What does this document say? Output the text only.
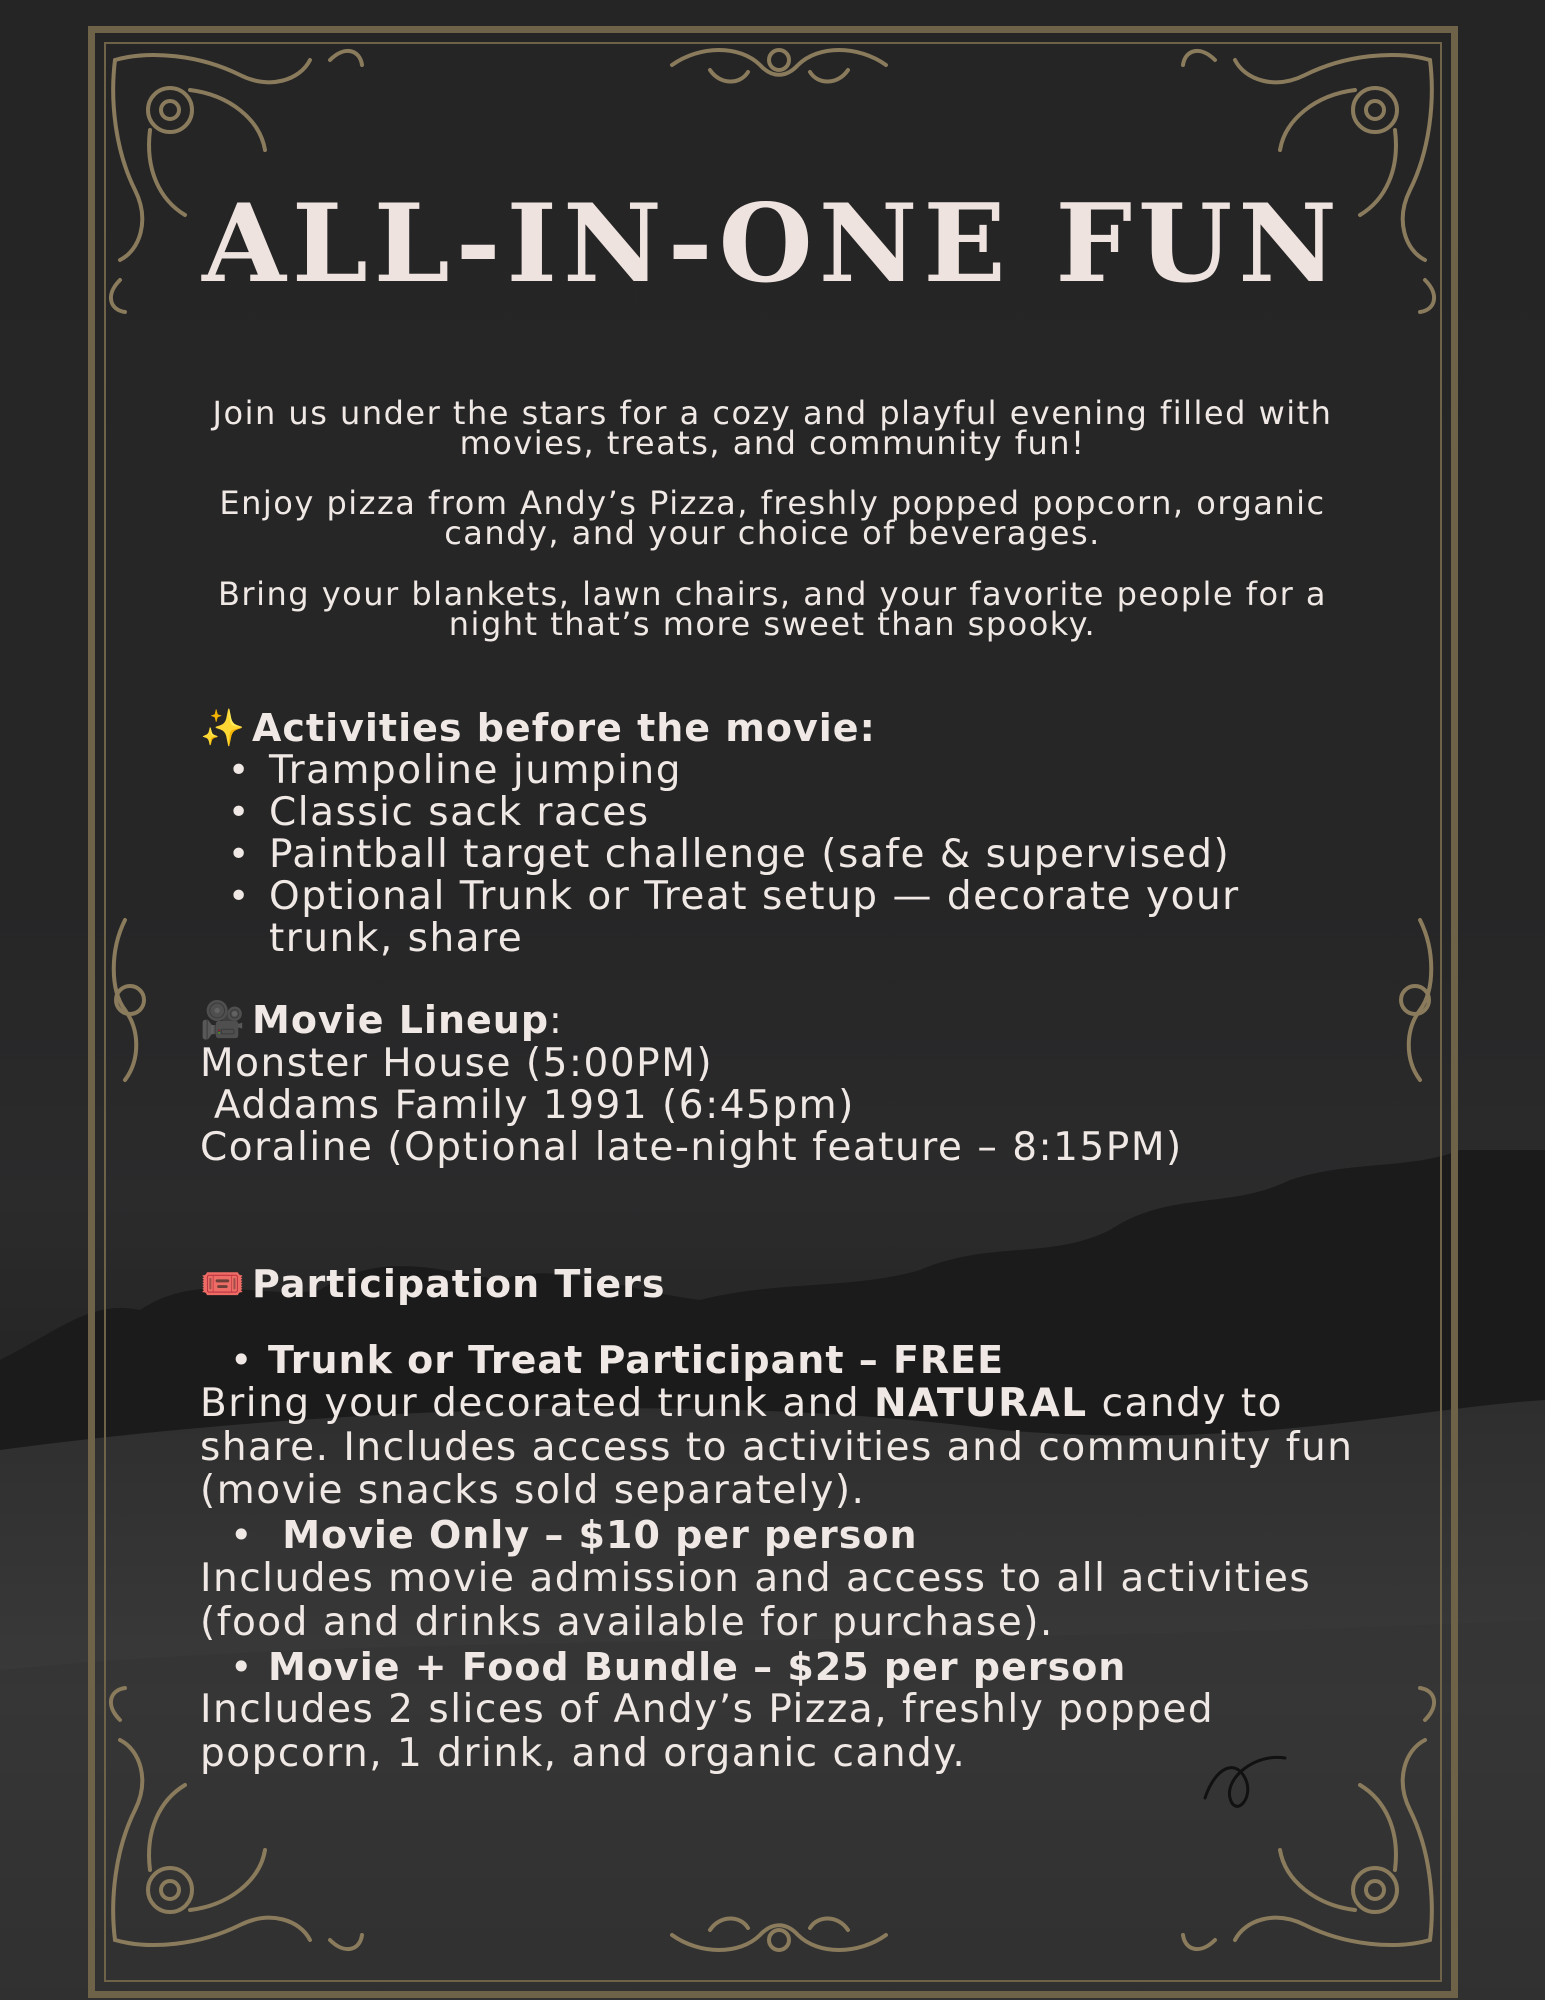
ALL-IN-ONE FUN

Join us under the stars for a cozy and playful evening filled with movies, treats, and community fun!

Enjoy pizza from Andy’s Pizza, freshly popped popcorn, organic candy, and your choice of beverages.

Bring your blankets, lawn chairs, and your favorite people for a night that’s more sweet than spooky.

✨ Activities before the movie:
• Trampoline jumping
• Classic sack races
• Paintball target challenge (safe & supervised)
• Optional Trunk or Treat setup — decorate your trunk, share
🎥 Movie Lineup :
Monster House (5:00PM)
Addams Family 1991 (6:45pm)
Coraline (Optional late-night feature – 8:15PM)
🎟️ Participation Tiers
• Trunk or Treat Participant – FREE

Bring your decorated trunk and NATURAL candy to share. Includes access to activities and community fun (movie snacks sold separately).

•  Movie Only – $10 per person

Includes movie admission and access to all activities (food and drinks available for purchase).

• Movie + Food Bundle – $25 per person

Includes 2 slices of Andy’s Pizza, freshly popped popcorn, 1 drink, and organic candy.
